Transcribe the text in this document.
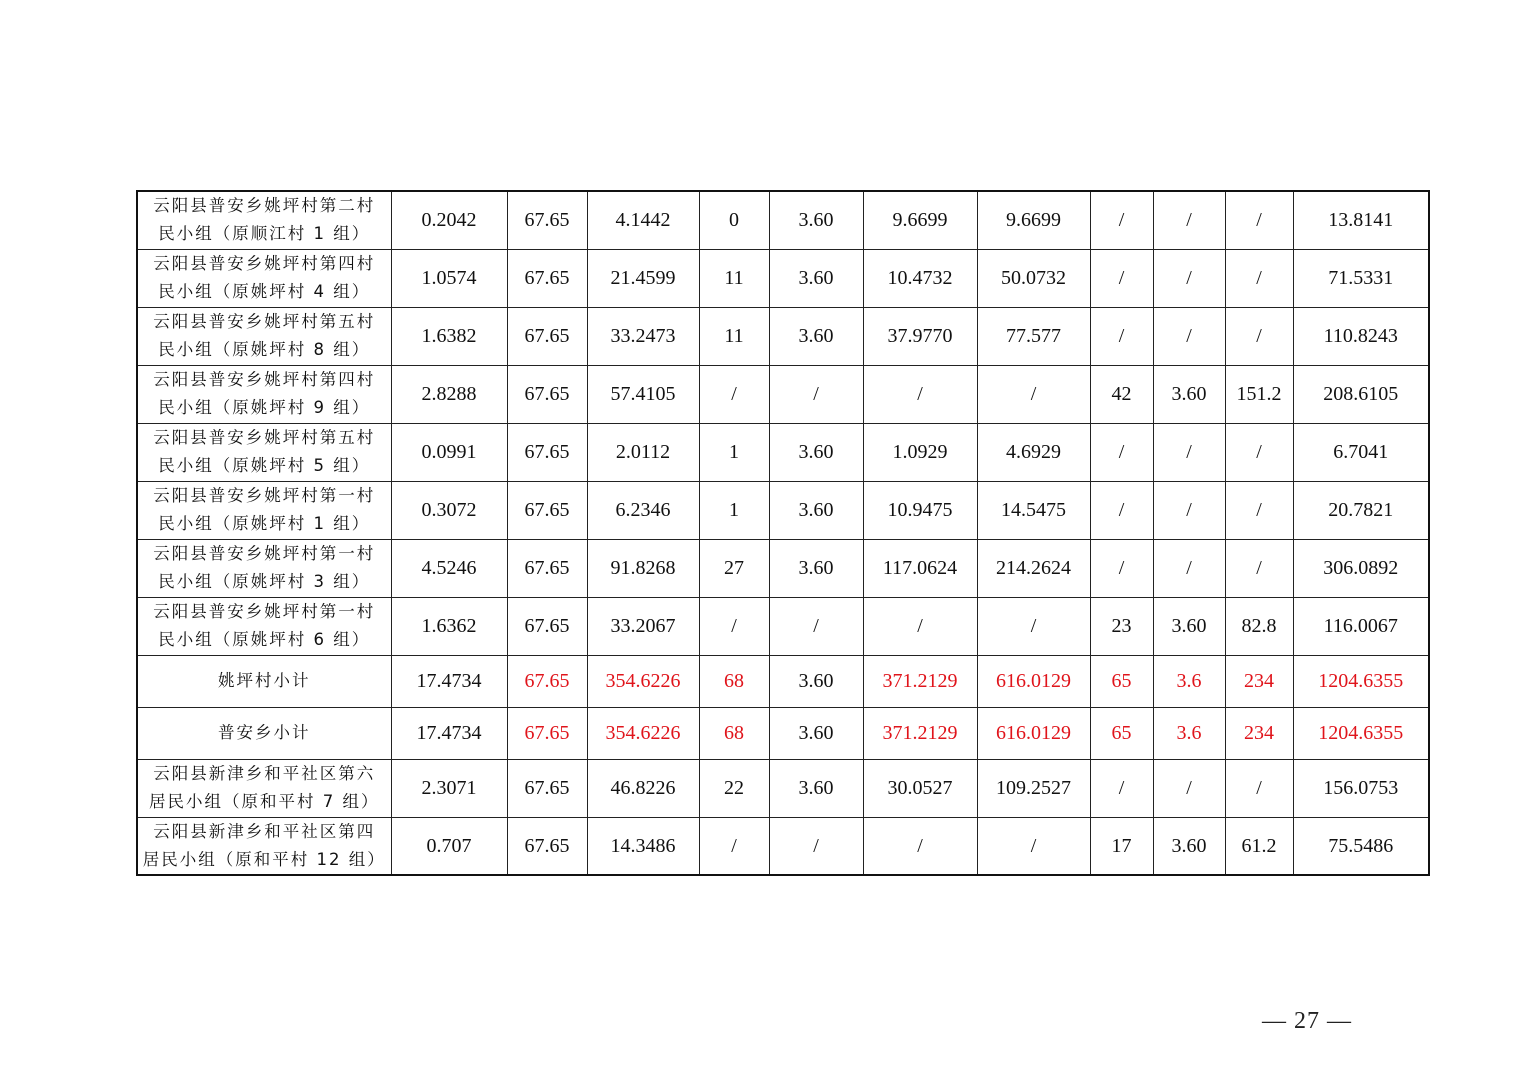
云阳县普安乡姚坪村第二村
民小组（原顺江村 1 组）	0.2042	67.65	4.1442	0	3.60	9.6699	9.6699	/	/	/	13.8141

云阳县普安乡姚坪村第四村
民小组（原姚坪村 4 组）	1.0574	67.65	21.4599	11	3.60	10.4732	50.0732	/	/	/	71.5331

云阳县普安乡姚坪村第五村
民小组（原姚坪村 8 组）	1.6382	67.65	33.2473	11	3.60	37.9770	77.577	/	/	/	110.8243

云阳县普安乡姚坪村第四村
民小组（原姚坪村 9 组）	2.8288	67.65	57.4105	/	/	/	/	42	3.60	151.2	208.6105

云阳县普安乡姚坪村第五村
民小组（原姚坪村 5 组）	0.0991	67.65	2.0112	1	3.60	1.0929	4.6929	/	/	/	6.7041

云阳县普安乡姚坪村第一村
民小组（原姚坪村 1 组）	0.3072	67.65	6.2346	1	3.60	10.9475	14.5475	/	/	/	20.7821

云阳县普安乡姚坪村第一村
民小组（原姚坪村 3 组）	4.5246	67.65	91.8268	27	3.60	117.0624	214.2624	/	/	/	306.0892

云阳县普安乡姚坪村第一村
民小组（原姚坪村 6 组）	1.6362	67.65	33.2067	/	/	/	/	23	3.60	82.8	116.0067

姚坪村小计	17.4734	67.65	354.6226	68	3.60	371.2129	616.0129	65	3.6	234	1204.6355

普安乡小计	17.4734	67.65	354.6226	68	3.60	371.2129	616.0129	65	3.6	234	1204.6355

云阳县新津乡和平社区第六
居民小组（原和平村 7 组）	2.3071	67.65	46.8226	22	3.60	30.0527	109.2527	/	/	/	156.0753

云阳县新津乡和平社区第四
居民小组（原和平村 12 组）	0.707	67.65	14.3486	/	/	/	/	17	3.60	61.2	75.5486
— 27 —
